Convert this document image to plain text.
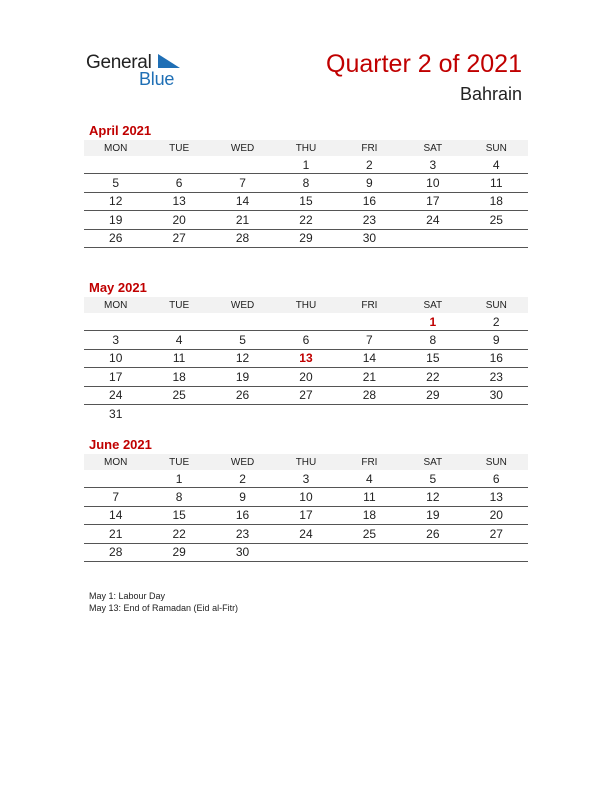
General
Blue
Quarter 2 of 2021
Bahrain
April 2021
MON	TUE	WED	THU	FRI	SAT	SUN
			1	2	3	4
5	6	7	8	9	10	11
12	13	14	15	16	17	18
19	20	21	22	23	24	25
26	27	28	29	30		
May 2021
MON	TUE	WED	THU	FRI	SAT	SUN
					1	2
3	4	5	6	7	8	9
10	11	12	13	14	15	16
17	18	19	20	21	22	23
24	25	26	27	28	29	30
31						
June 2021
MON	TUE	WED	THU	FRI	SAT	SUN
	1	2	3	4	5	6
7	8	9	10	11	12	13
14	15	16	17	18	19	20
21	22	23	24	25	26	27
28	29	30				
May 1: Labour Day
May 13: End of Ramadan (Eid al-Fitr)
